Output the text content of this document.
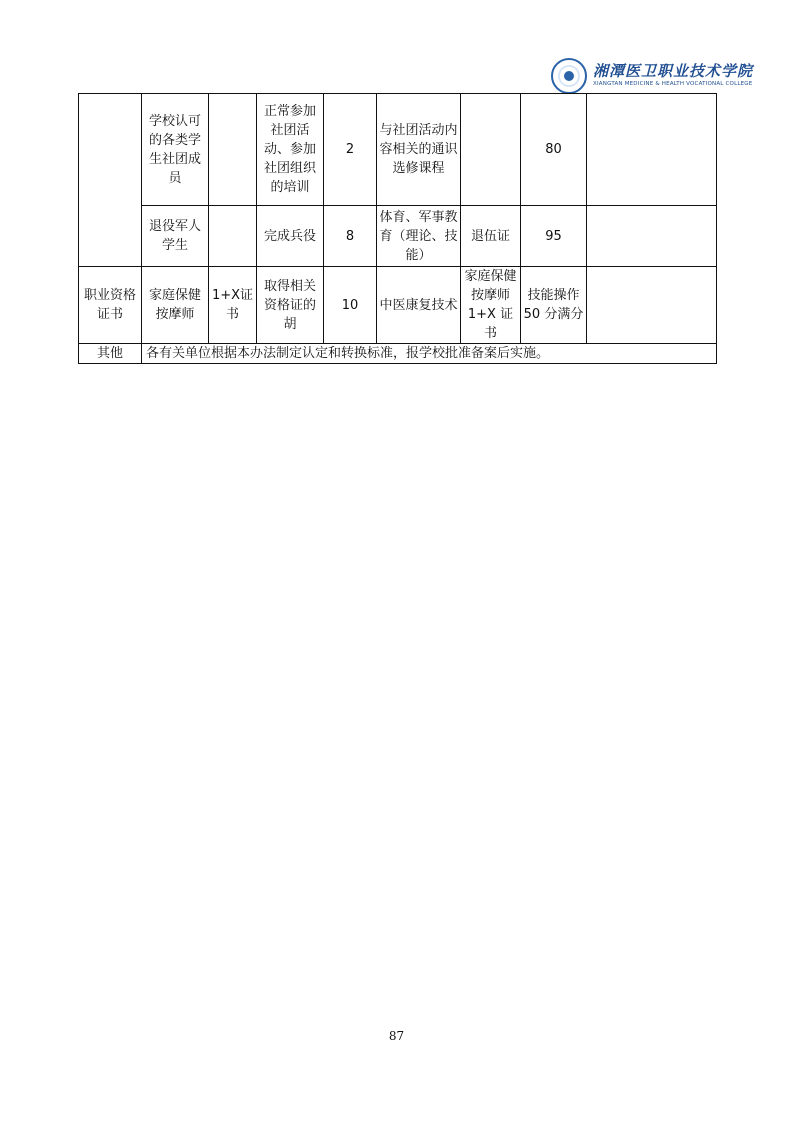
湘潭医卫职业技术学院
XIANGTAN MEDICINE & HEALTH VOCATIONAL COLLEGE
	学校认可的各类学生社团成员		正常参加社团活动、参加社团组织的培训	2	与社团活动内容相关的通识选修课程		80	
	退役军人学生		完成兵役	8	体育、军事教育（理论、技能）	退伍证	95	
职业资格证书	家庭保健按摩师	1+X证书	取得相关资格证的胡	10	中医康复技术	家庭保健按摩师 1+X 证书	技能操作 50 分满分	
其他	各有关单位根据本办法制定认定和转换标准，报学校批准备案后实施。							
87
